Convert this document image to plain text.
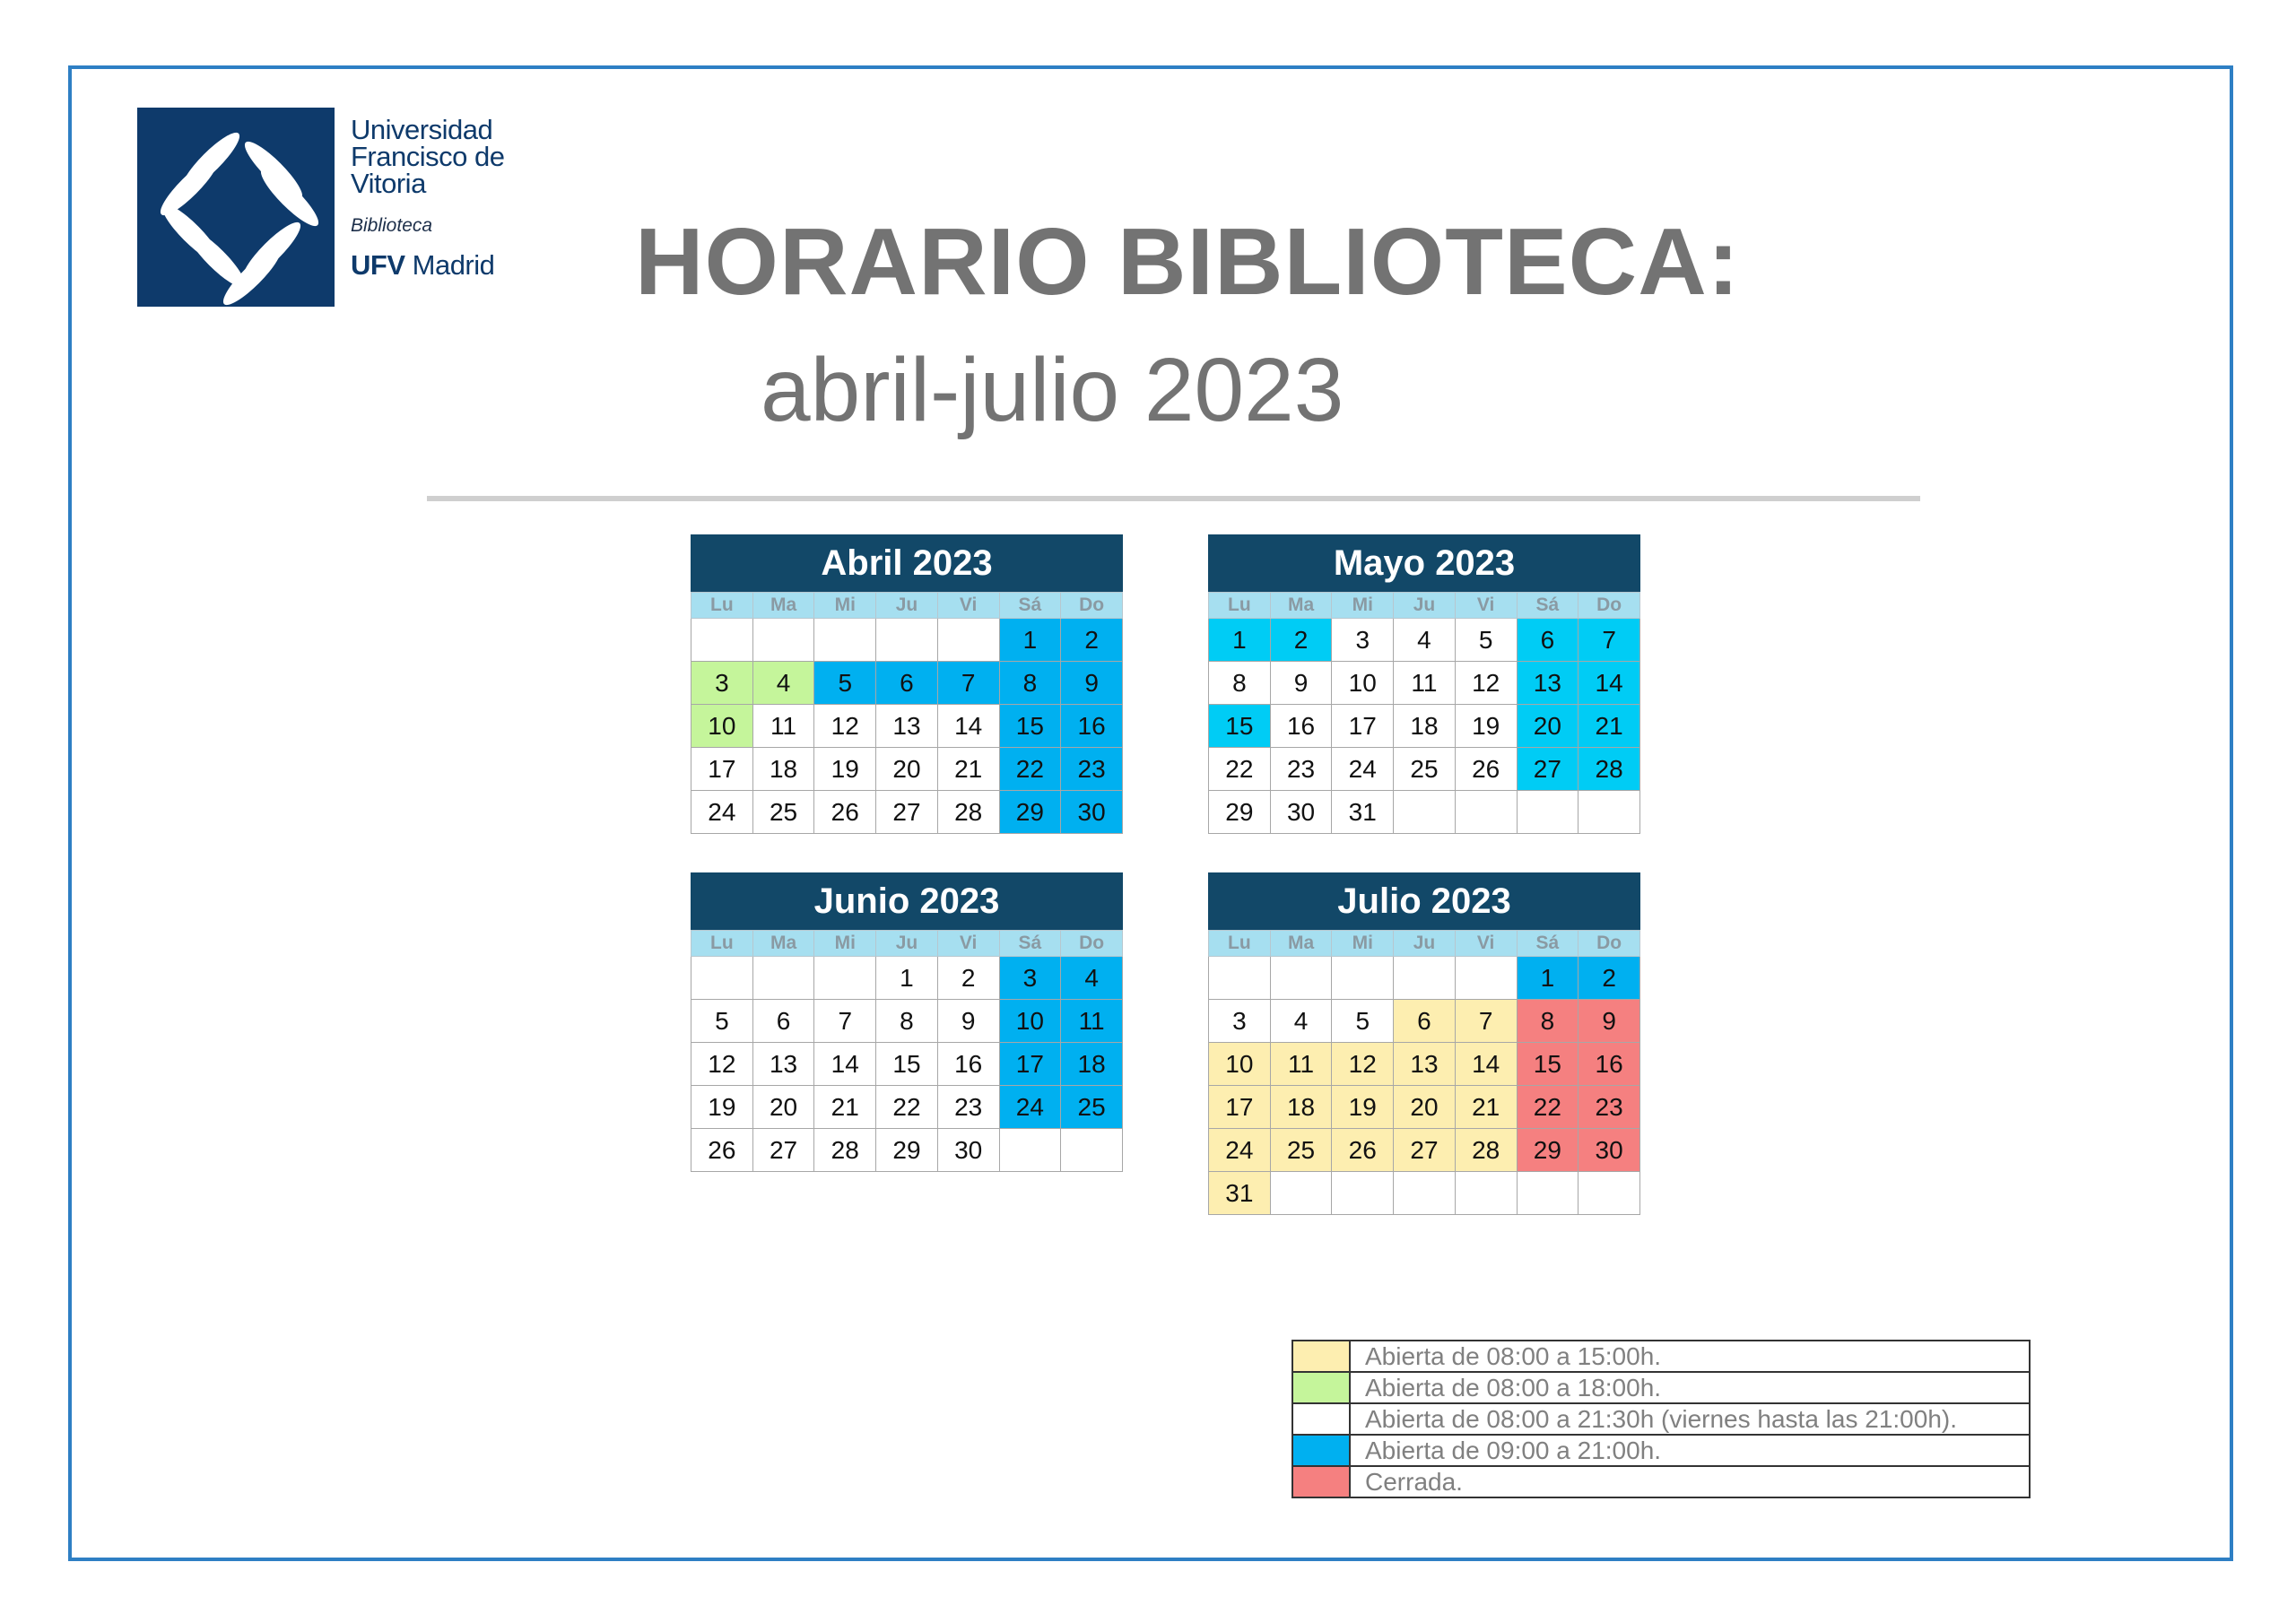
Universidad
Francisco de
Vitoria
Biblioteca
UFV Madrid HORARIO BIBLIOTECA:
abril-julio 2023
Abril 2023
Lu	Ma	Mi	Ju	Vi	Sá	Do
					1	2
3	4	5	6	7	8	9
10	11	12	13	14	15	16
17	18	19	20	21	22	23
24	25	26	27	28	29	30
Mayo 2023
Lu	Ma	Mi	Ju	Vi	Sá	Do
1	2	3	4	5	6	7
8	9	10	11	12	13	14
15	16	17	18	19	20	21
22	23	24	25	26	27	28
29	30	31				
Junio 2023
Lu	Ma	Mi	Ju	Vi	Sá	Do
			1	2	3	4
5	6	7	8	9	10	11
12	13	14	15	16	17	18
19	20	21	22	23	24	25
26	27	28	29	30		
Julio 2023
Lu	Ma	Mi	Ju	Vi	Sá	Do
					1	2
3	4	5	6	7	8	9
10	11	12	13	14	15	16
17	18	19	20	21	22	23
24	25	26	27	28	29	30
31						
	Abierta de 08:00 a 15:00h.
	Abierta de 08:00 a 18:00h.
	Abierta de 08:00 a 21:30h (viernes hasta las 21:00h).
	Abierta de 09:00 a 21:00h.
	Cerrada.
